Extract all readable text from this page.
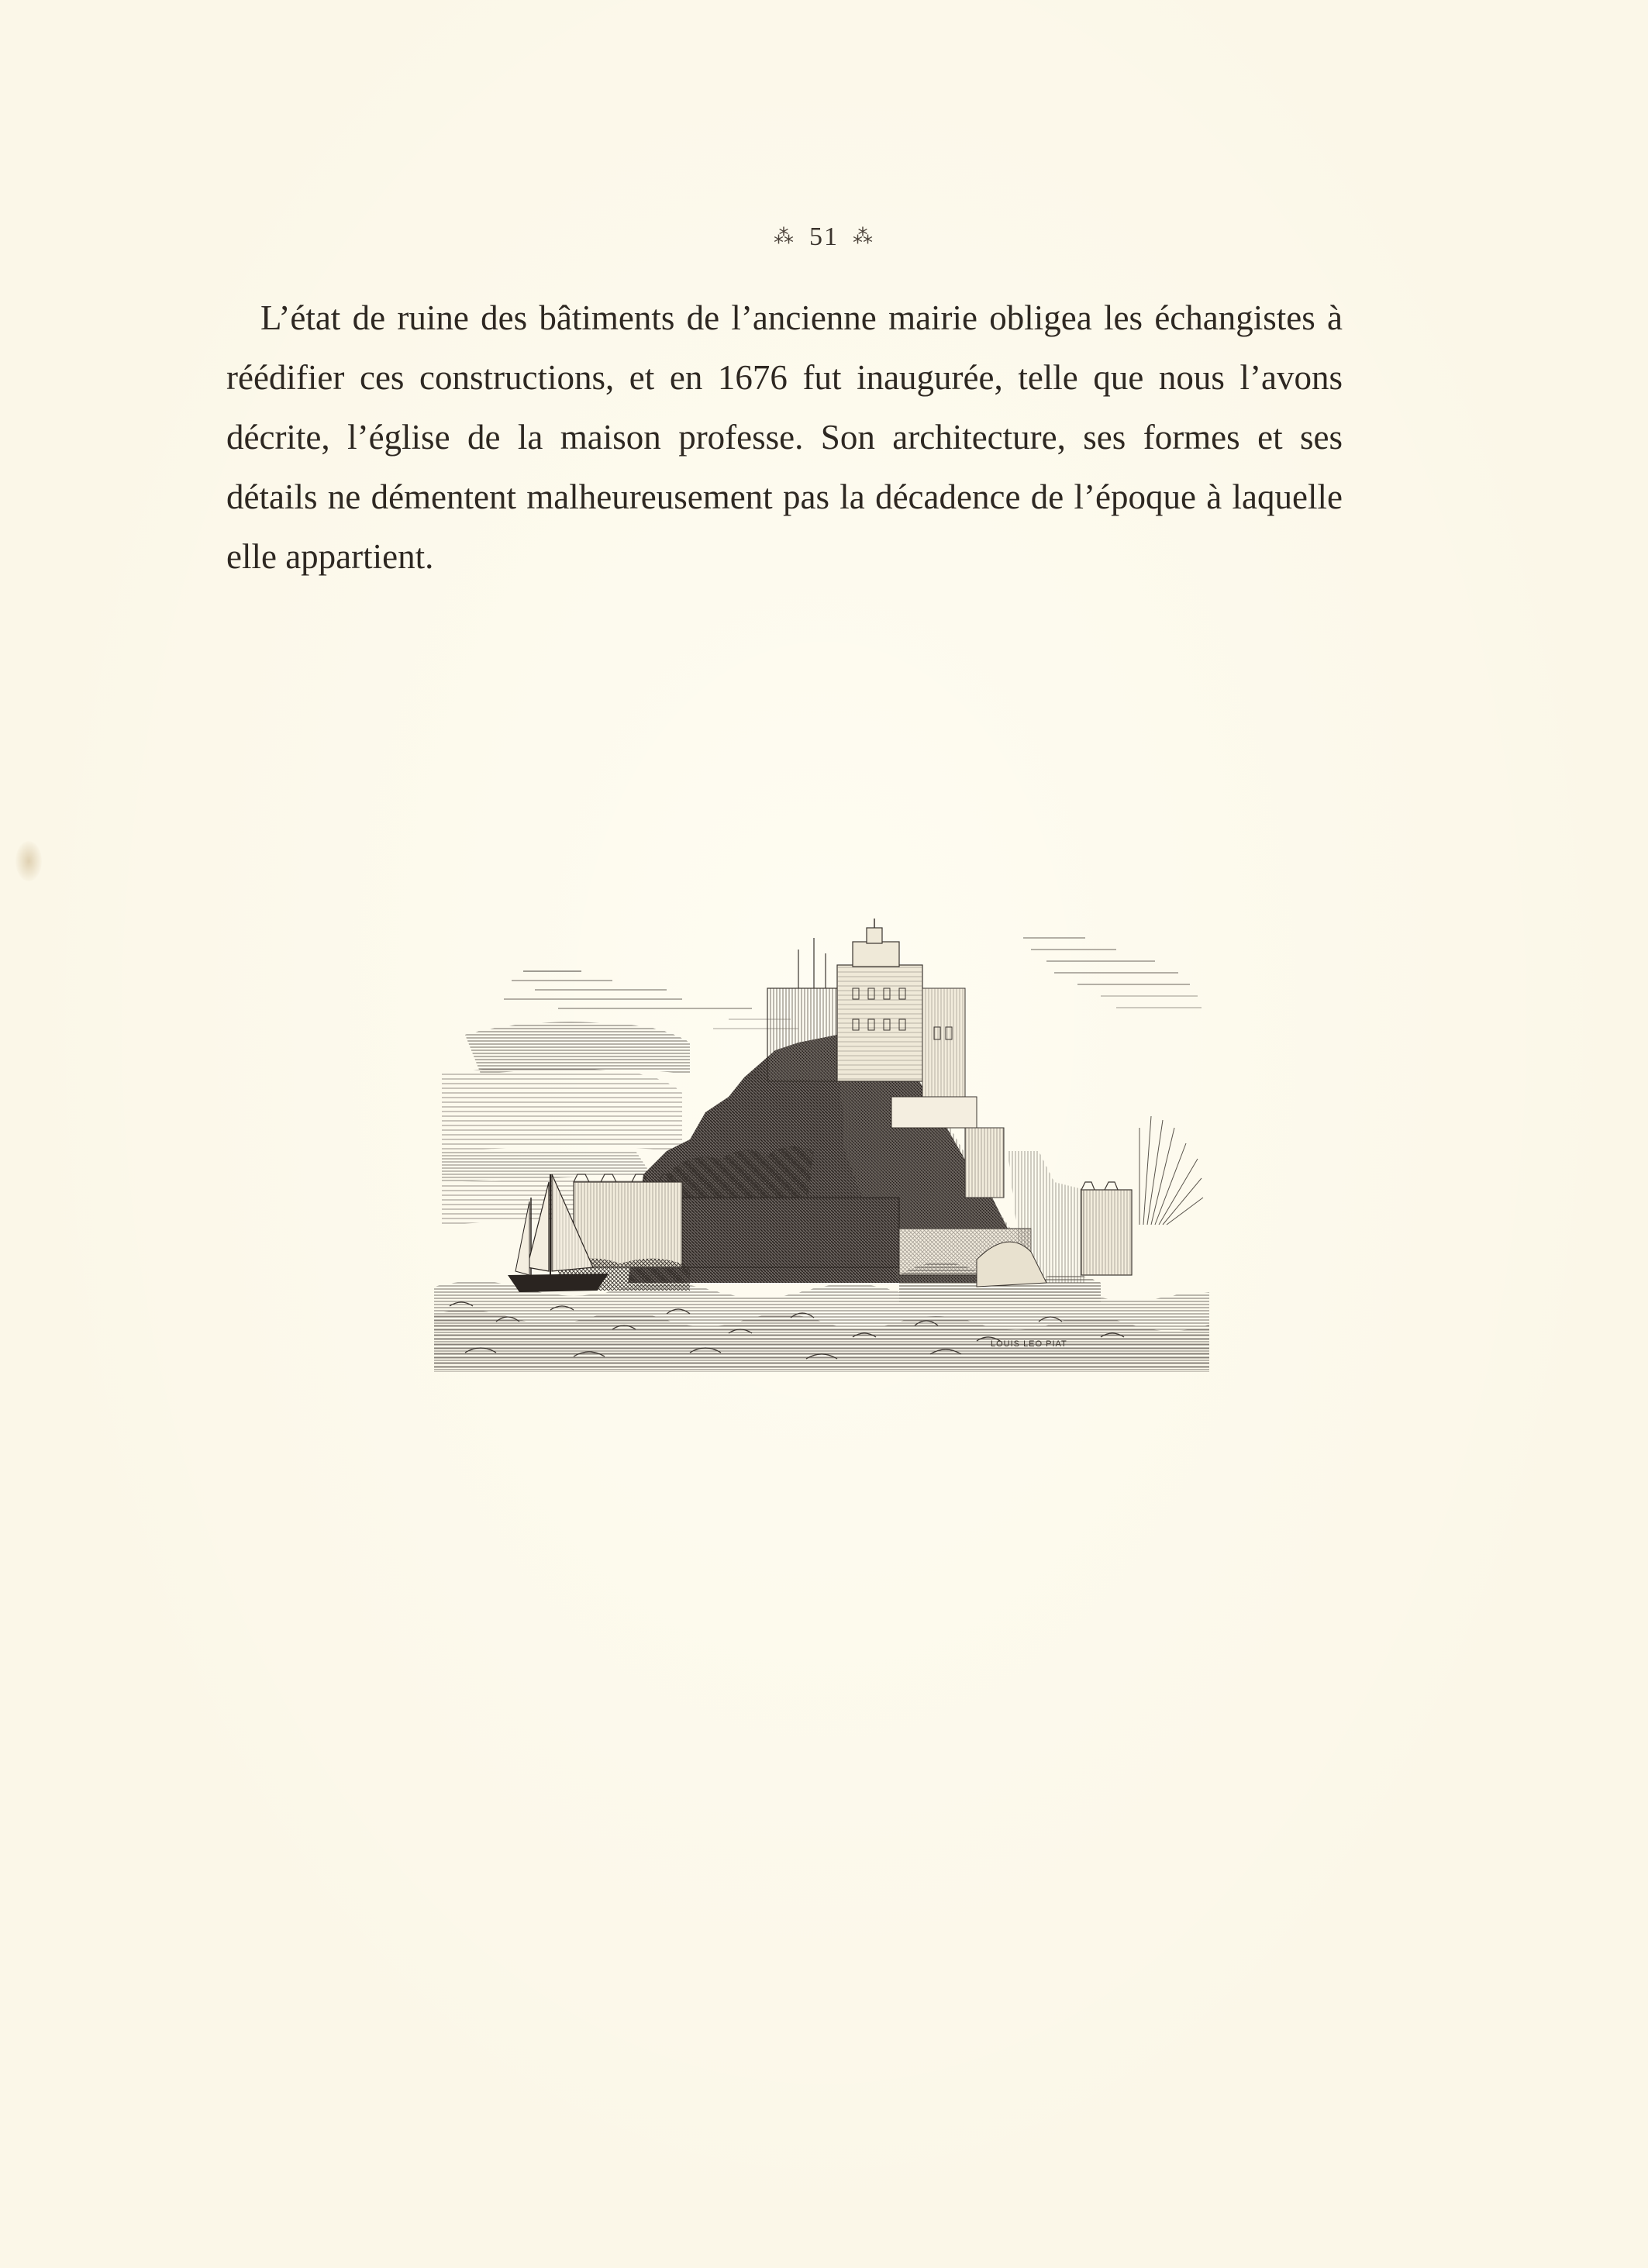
⁂ 51 ⁂

L’état de ruine des bâtiments de l’ancienne mairie obligea les échangistes à réédifier ces constructions, et en 1676 fut inaugurée, telle que nous l’avons décrite, l’église de la maison professe. Son architecture, ses formes et ses détails ne démentent malheureusement pas la décadence de l’époque à laquelle elle appartient.

LOUIS LEO PIAT
